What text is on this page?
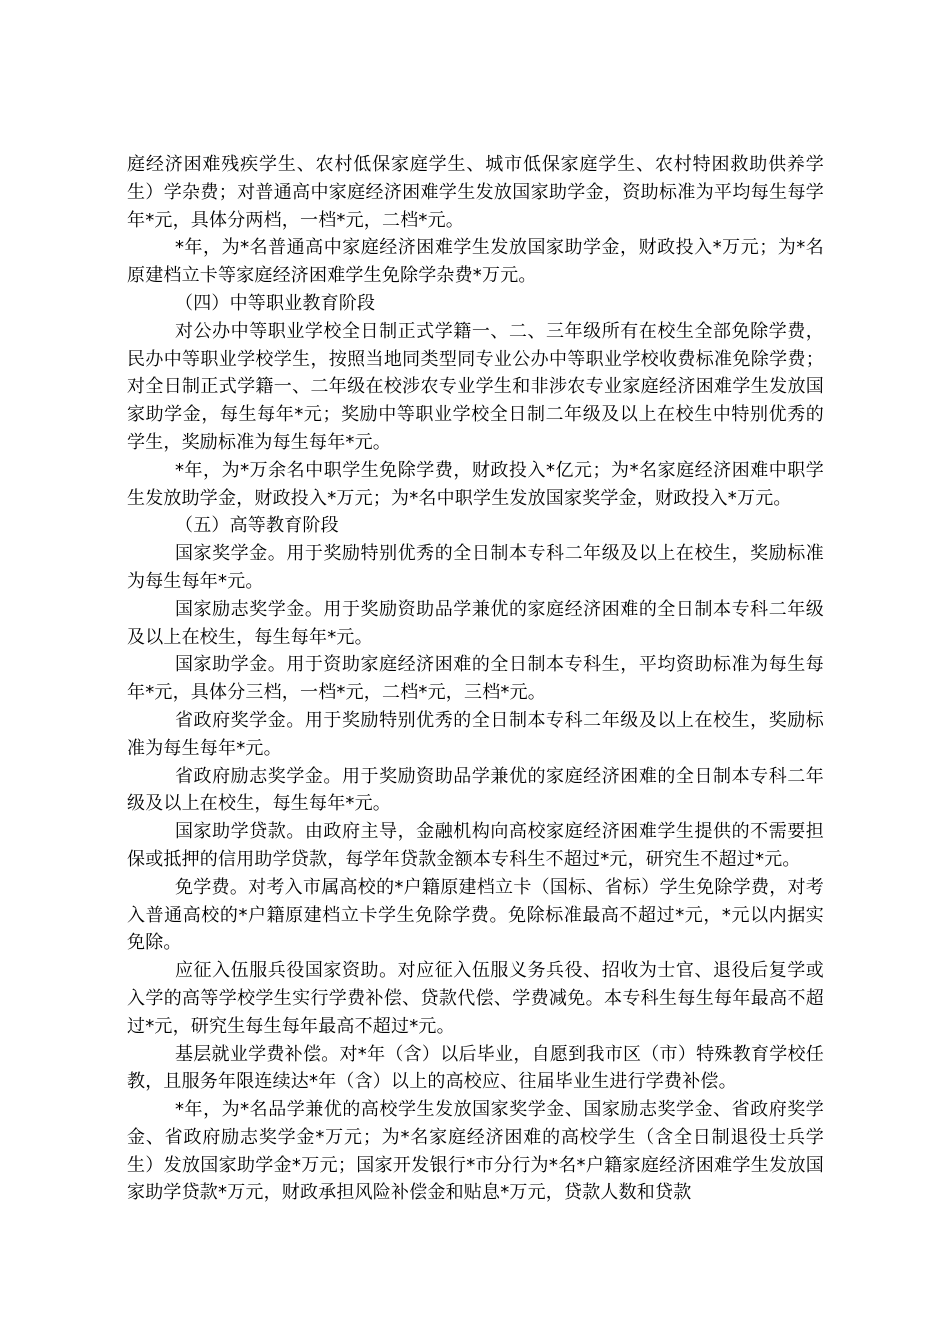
庭经济困难残疾学生、农村低保家庭学生、城市低保家庭学生、农村特困救助供养学生）学杂费；对普通高中家庭经济困难学生发放国家助学金，资助标准为平均每生每学年*元，具体分两档，一档*元，二档*元。

*年，为*名普通高中家庭经济困难学生发放国家助学金，财政投入*万元；为*名原建档立卡等家庭经济困难学生免除学杂费*万元。

（四）中等职业教育阶段

对公办中等职业学校全日制正式学籍一、二、三年级所有在校生全部免除学费，民办中等职业学校学生，按照当地同类型同专业公办中等职业学校收费标准免除学费；对全日制正式学籍一、二年级在校涉农专业学生和非涉农专业家庭经济困难学生发放国家助学金，每生每年*元；奖励中等职业学校全日制二年级及以上在校生中特别优秀的学生，奖励标准为每生每年*元。

*年，为*万余名中职学生免除学费，财政投入*亿元；为*名家庭经济困难中职学生发放助学金，财政投入*万元；为*名中职学生发放国家奖学金，财政投入*万元。

（五）高等教育阶段

国家奖学金。用于奖励特别优秀的全日制本专科二年级及以上在校生，奖励标准为每生每年*元。

国家励志奖学金。用于奖励资助品学兼优的家庭经济困难的全日制本专科二年级及以上在校生，每生每年*元。

国家助学金。用于资助家庭经济困难的全日制本专科生，平均资助标准为每生每年*元，具体分三档，一档*元，二档*元，三档*元。

省政府奖学金。用于奖励特别优秀的全日制本专科二年级及以上在校生，奖励标准为每生每年*元。

省政府励志奖学金。用于奖励资助品学兼优的家庭经济困难的全日制本专科二年级及以上在校生，每生每年*元。

国家助学贷款。由政府主导，金融机构向高校家庭经济困难学生提供的不需要担保或抵押的信用助学贷款，每学年贷款金额本专科生不超过*元，研究生不超过*元。

免学费。对考入市属高校的*户籍原建档立卡（国标、省标）学生免除学费，对考入普通高校的*户籍原建档立卡学生免除学费。免除标准最高不超过*元，*元以内据实免除。

应征入伍服兵役国家资助。对应征入伍服义务兵役、招收为士官、退役后复学或入学的高等学校学生实行学费补偿、贷款代偿、学费减免。本专科生每生每年最高不超过*元，研究生每生每年最高不超过*元。

基层就业学费补偿。对*年（含）以后毕业，自愿到我市区（市）特殊教育学校任教，且服务年限连续达*年（含）以上的高校应、往届毕业生进行学费补偿。

*年，为*名品学兼优的高校学生发放国家奖学金、国家励志奖学金、省政府奖学金、省政府励志奖学金*万元；为*名家庭经济困难的高校学生（含全日制退役士兵学生）发放国家助学金*万元；国家开发银行*市分行为*名*户籍家庭经济困难学生发放国家助学贷款*万元，财政承担风险补偿金和贴息*万元，贷款人数和贷款
